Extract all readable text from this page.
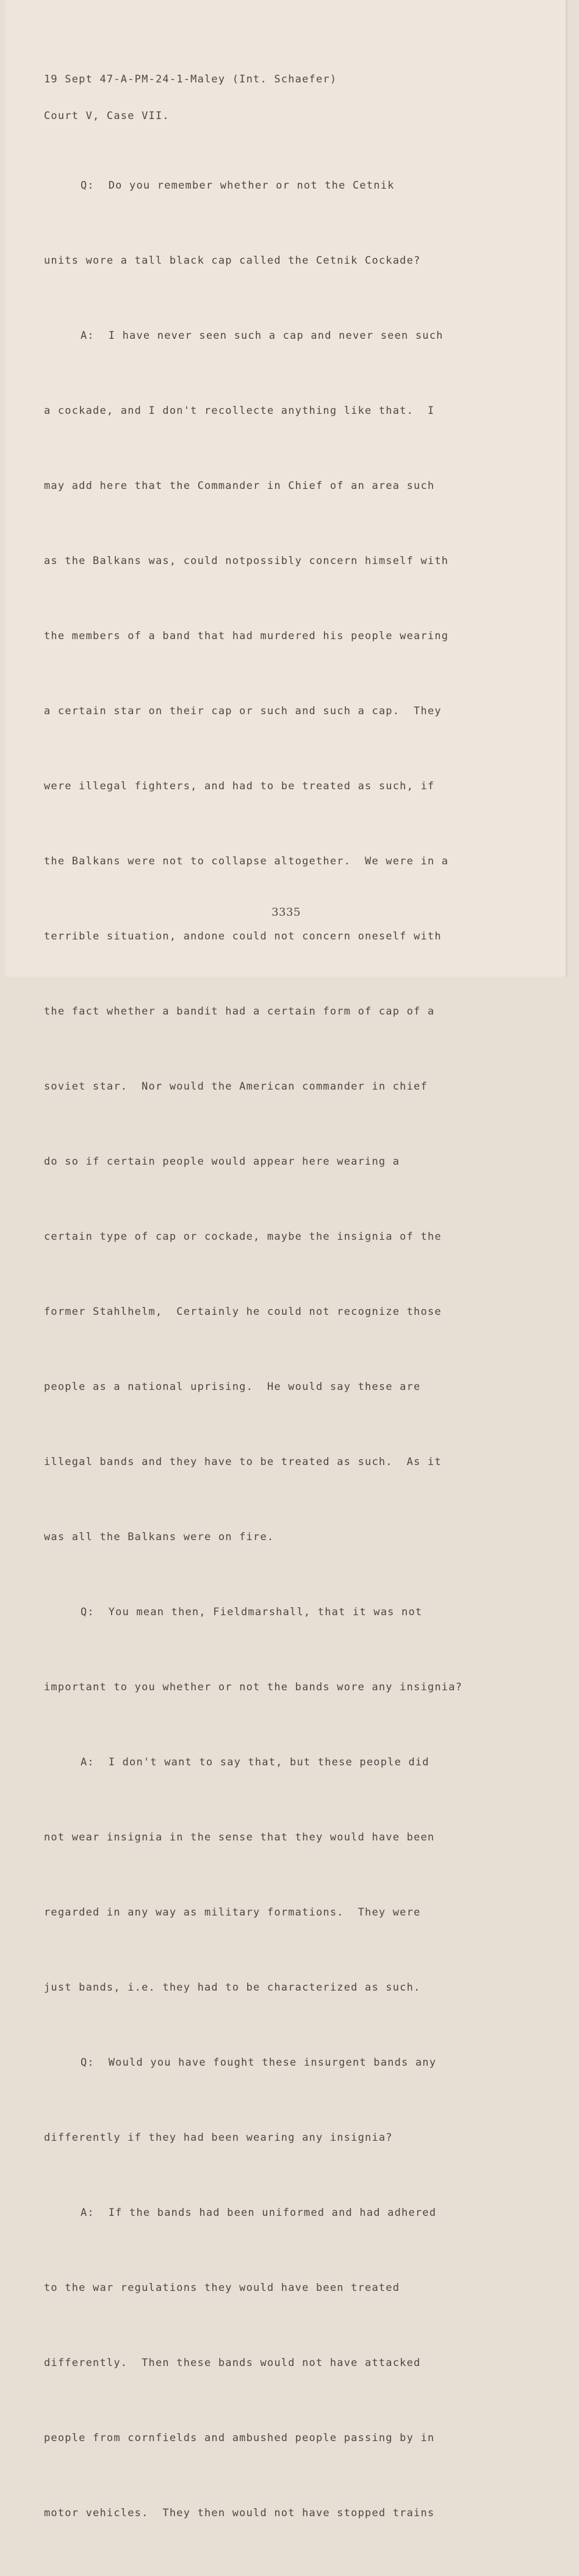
19 Sept 47-A-PM-24-1-Maley (Int. Schaefer)

Court V, Case VII.

Q:  Do you remember whether or not the Cetnik

units wore a tall black cap called the Cetnik Cockade?

A:  I have never seen such a cap and never seen such

a cockade, and I don't recollecte anything like that.  I

may add here that the Commander in Chief of an area such

as the Balkans was, could notpossibly concern himself with

the members of a band that had murdered his people wearing

a certain star on their cap or such and such a cap.  They

were illegal fighters, and had to be treated as such, if

the Balkans were not to collapse altogether.  We were in a

terrible situation, andone could not concern oneself with

the fact whether a bandit had a certain form of cap of a

soviet star.  Nor would the American commander in chief

do so if certain people would appear here wearing a

certain type of cap or cockade, maybe the insignia of the

former Stahlhelm,  Certainly he could not recognize those

people as a national uprising.  He would say these are

illegal bands and they have to be treated as such.  As it

was all the Balkans were on fire.

Q:  You mean then, Fieldmarshall, that it was not

important to you whether or not the bands wore any insignia?

A:  I don't want to say that, but these people did

not wear insignia in the sense that they would have been

regarded in any way as military formations.  They were

just bands, i.e. they had to be characterized as such.

Q:  Would you have fought these insurgent bands any

differently if they had been wearing any insignia?

A:  If the bands had been uniformed and had adhered

to the war regulations they would have been treated

differently.  Then these bands would not have attacked

people from cornfields and ambushed people passing by in

motor vehicles.  They then would not have stopped trains

3335
